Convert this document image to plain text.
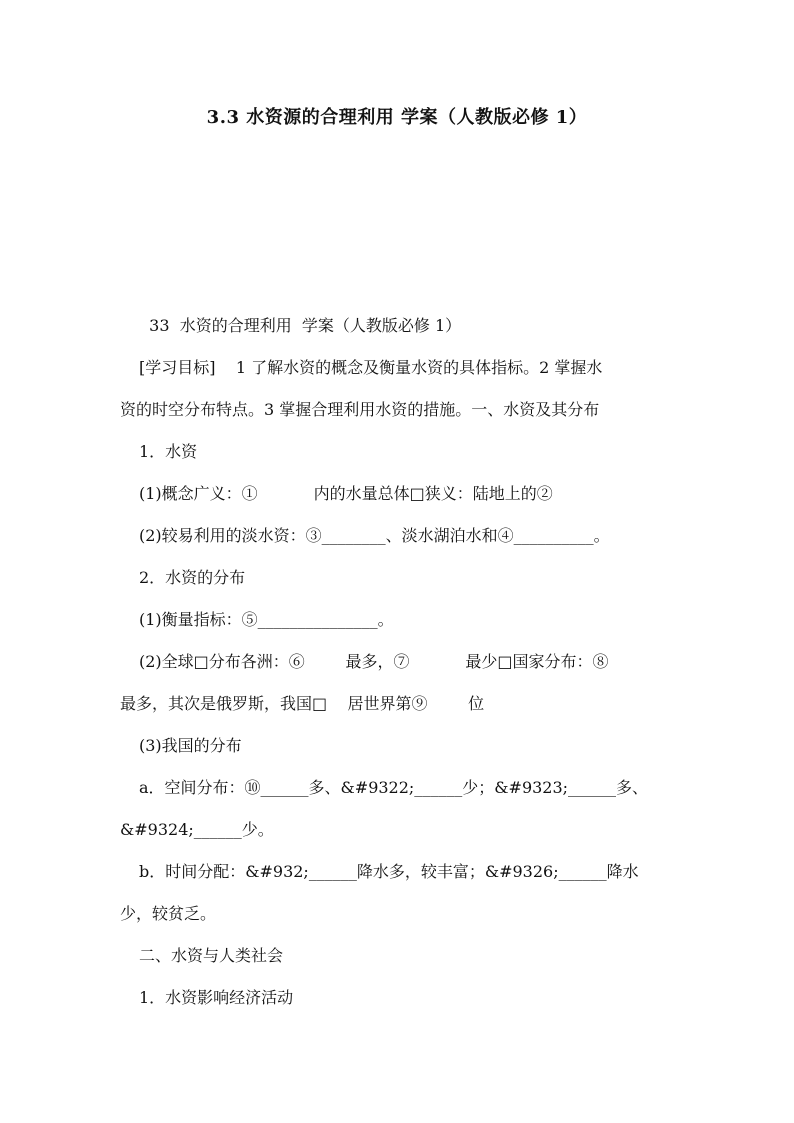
3.3 水资源的合理利用 学案（人教版必修 1）
33  水资的合理利用  学案（人教版必修 1）
[学习目标]    1 了解水资的概念及衡量水资的具体指标。2 掌握水
资的时空分布特点。3 掌握合理利用水资的措施。一、水资及其分布
1．水资
(1)概念广义：①           内的水量总体□狭义：陆地上的②
(2)较易利用的淡水资：③________、淡水湖泊水和④__________。
2．水资的分布
(1)衡量指标：⑤_______________。
(2)全球□分布各洲：⑥        最多，⑦           最少□国家分布：⑧
最多，其次是俄罗斯，我国□    居世界第⑨        位
(3)我国的分布
a．空间分布：⑩______多、&#9322;______少；&#9323;______多、
&#9324;______少。
b．时间分配：&#932;______降水多，较丰富；&#9326;______降水
少，较贫乏。
二、水资与人类社会
1．水资影响经济活动
